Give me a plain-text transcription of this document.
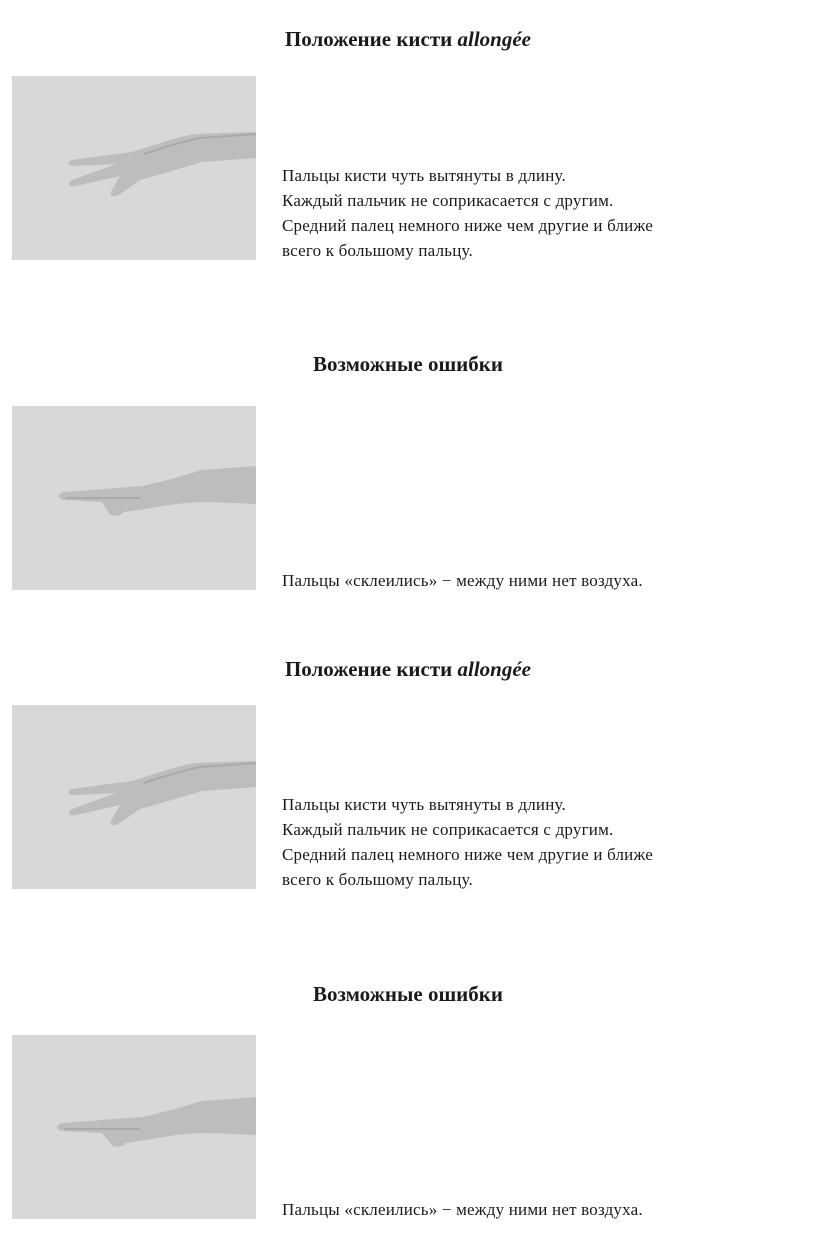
Положение кисти allongée

Пальцы кисти чуть вытянуты в длину.
Каждый пальчик не соприкасается с другим.
Средний палец немного ниже чем другие и ближе
всего к большому пальцу.

Возможные ошибки

Пальцы «склеились» − между ними нет воздуха.

Положение кисти allongée

Пальцы кисти чуть вытянуты в длину.
Каждый пальчик не соприкасается с другим.
Средний палец немного ниже чем другие и ближе
всего к большому пальцу.

Возможные ошибки

Пальцы «склеились» − между ними нет воздуха.
